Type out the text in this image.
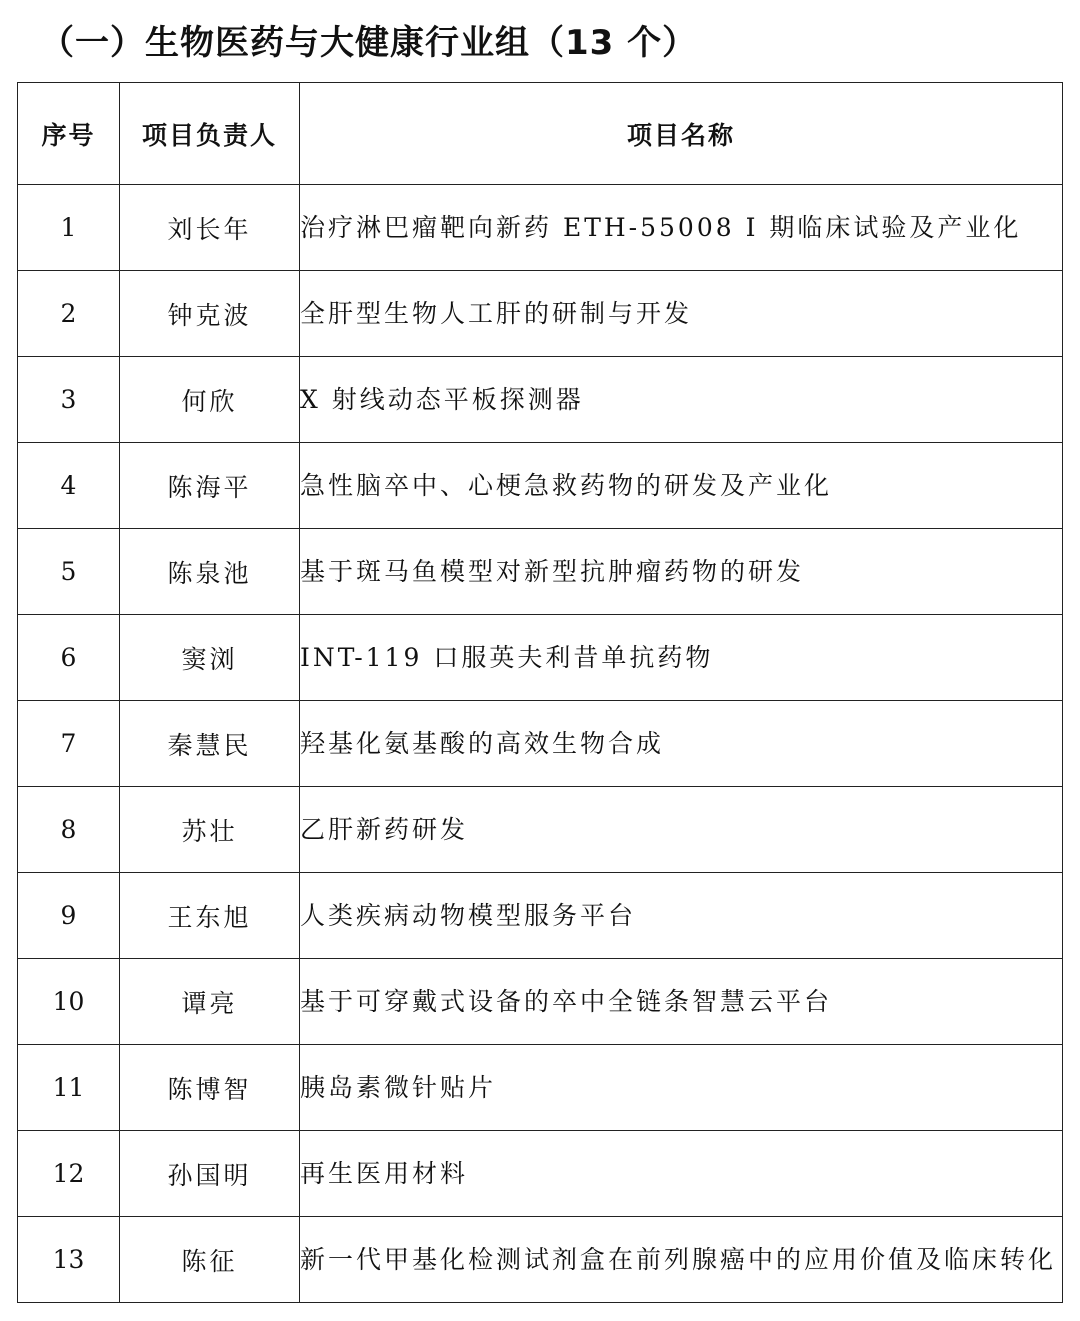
（一）生物医药与大健康行业组（13 个）
序号	项目负责人	项目名称
1	刘长年	治疗淋巴瘤靶向新药 ETH-55008 I 期临床试验及产业化
2	钟克波	全肝型生物人工肝的研制与开发
3	何欣	X 射线动态平板探测器
4	陈海平	急性脑卒中、心梗急救药物的研发及产业化
5	陈泉池	基于斑马鱼模型对新型抗肿瘤药物的研发
6	窦浏	INT-119 口服英夫利昔单抗药物
7	秦慧民	羟基化氨基酸的高效生物合成
8	苏壮	乙肝新药研发
9	王东旭	人类疾病动物模型服务平台
10	谭亮	基于可穿戴式设备的卒中全链条智慧云平台
11	陈博智	胰岛素微针贴片
12	孙国明	再生医用材料
13	陈征	新一代甲基化检测试剂盒在前列腺癌中的应用价值及临床转化
